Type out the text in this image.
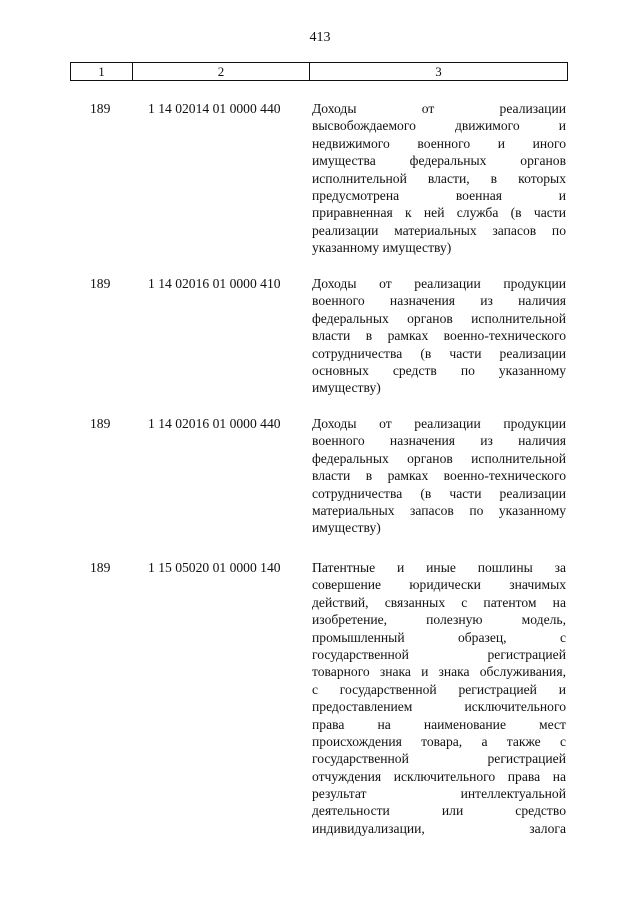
413
1	2	3
189	1 14 02014 01 0000 440 Доходы от реализации
высвобождаемого движимого и
недвижимого военного и иного
имущества федеральных органов
исполнительной власти, в которых
предусмотрена военная и
приравненная к ней служба (в части
реализации материальных запасов по
указанному имуществу)
189	1 14 02016 01 0000 410 Доходы от реализации продукции
военного назначения из наличия
федеральных органов исполнительной
власти в рамках военно-технического
сотрудничества (в части реализации
основных средств по указанному
имуществу)
189	1 14 02016 01 0000 440 Доходы от реализации продукции
военного назначения из наличия
федеральных органов исполнительной
власти в рамках военно-технического
сотрудничества (в части реализации
материальных запасов по указанному
имуществу)
189	1 15 05020 01 0000 140 Патентные и иные пошлины за
совершение юридически значимых
действий, связанных с патентом на
изобретение, полезную модель,
промышленный образец, с
государственной регистрацией
товарного знака и знака обслуживания,
с государственной регистрацией и
предоставлением исключительного
права на наименование мест
происхождения товара, а также с
государственной регистрацией
отчуждения исключительного права на
результат интеллектуальной
деятельности или средство
индивидуализации, залога
